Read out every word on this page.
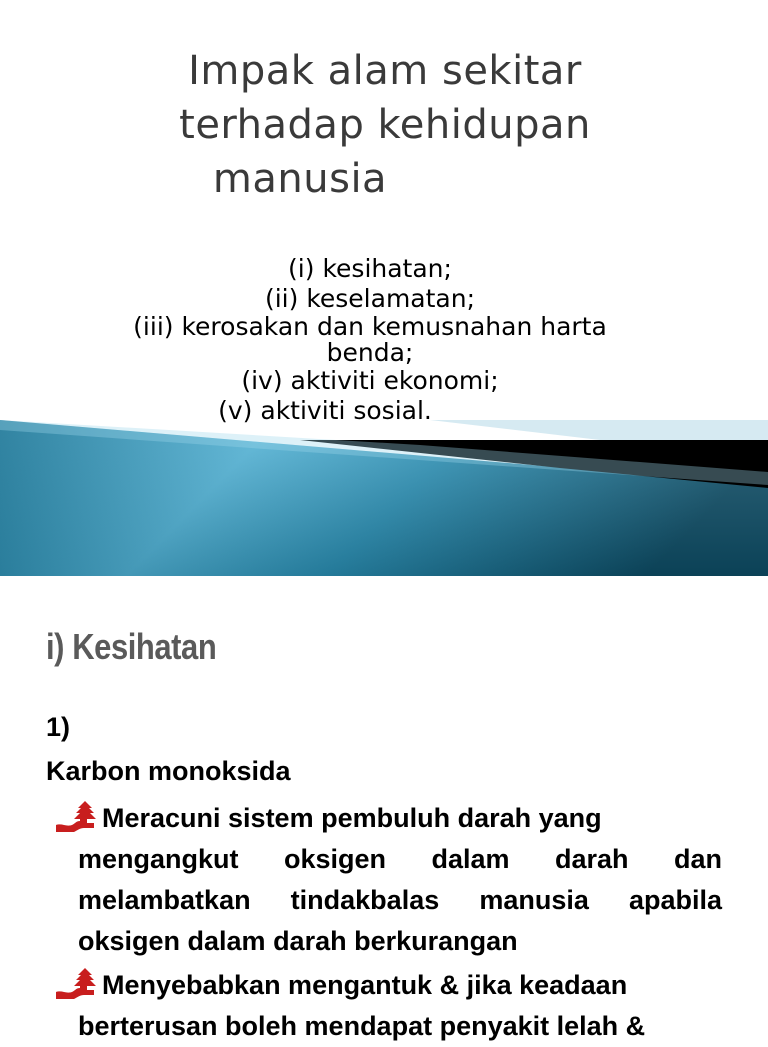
Impak alam sekitar
terhadap kehidupan
manusia
(i) kesihatan;
(ii) keselamatan;
(iii) kerosakan dan kemusnahan harta
benda;
(iv) aktiviti ekonomi;
(v) aktiviti sosial.
i) Kesihatan
1)
Karbon monoksida
Meracuni sistem pembuluh darah yang
mengangkut oksigen dalam darah dan melambatkan tindakbalas manusia apabila oksigen dalam darah berkurangan
Menyebabkan mengantuk & jika keadaan
berterusan boleh mendapat penyakit lelah &
